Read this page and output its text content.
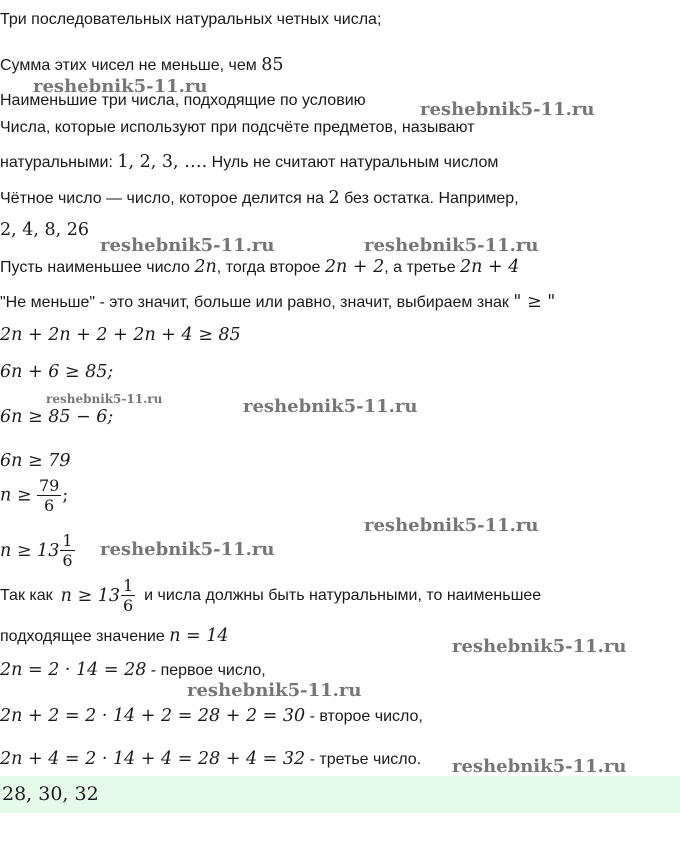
Три последовательных натуральных четных числа;
Сумма этих чисел не меньше, чем 85
Наименьшие три числа, подходящие по условию
Числа, которые используют при подсчёте предметов, называют
натуральными: 1, 2, 3, …. Нуль не считают натуральным числом
Чётное число — число, которое делится на 2 без остатка. Например,
2, 4, 8, 26
Пусть наименьшее число 2n, тогда второе 2n + 2, а третье 2n + 4
"Не меньше" - это значит, больше или равно, значит, выбираем знак " ≥ "
2n + 2n + 2 + 2n + 4 ≥ 85
6n + 6 ≥ 85;
6n ≥ 85 − 6;
6n ≥ 79
$n \ge \frac{79}{6}$ ;
$n \ge 13 \frac{1}{6}$
Так как $n \ge 13 \frac{1}{6}$ и числа должны быть натуральными, то наименьшее
подходящее значение n = 14
2n = 2 · 14 = 28 - первое число,
2n + 2 = 2 · 14 + 2 = 28 + 2 = 30 - второе число,
2n + 4 = 2 · 14 + 4 = 28 + 4 = 32 - третье число.
28, 30, 32
reshebnik5-11.ru
reshebnik5-11.ru
reshebnik5-11.ru	reshebnik5-11.ru
reshebnik5-11.ru	reshebnik5-11.ru
reshebnik5-11.ru
reshebnik5-11.ru
reshebnik5-11.ru
reshebnik5-11.ru
reshebnik5-11.ru
